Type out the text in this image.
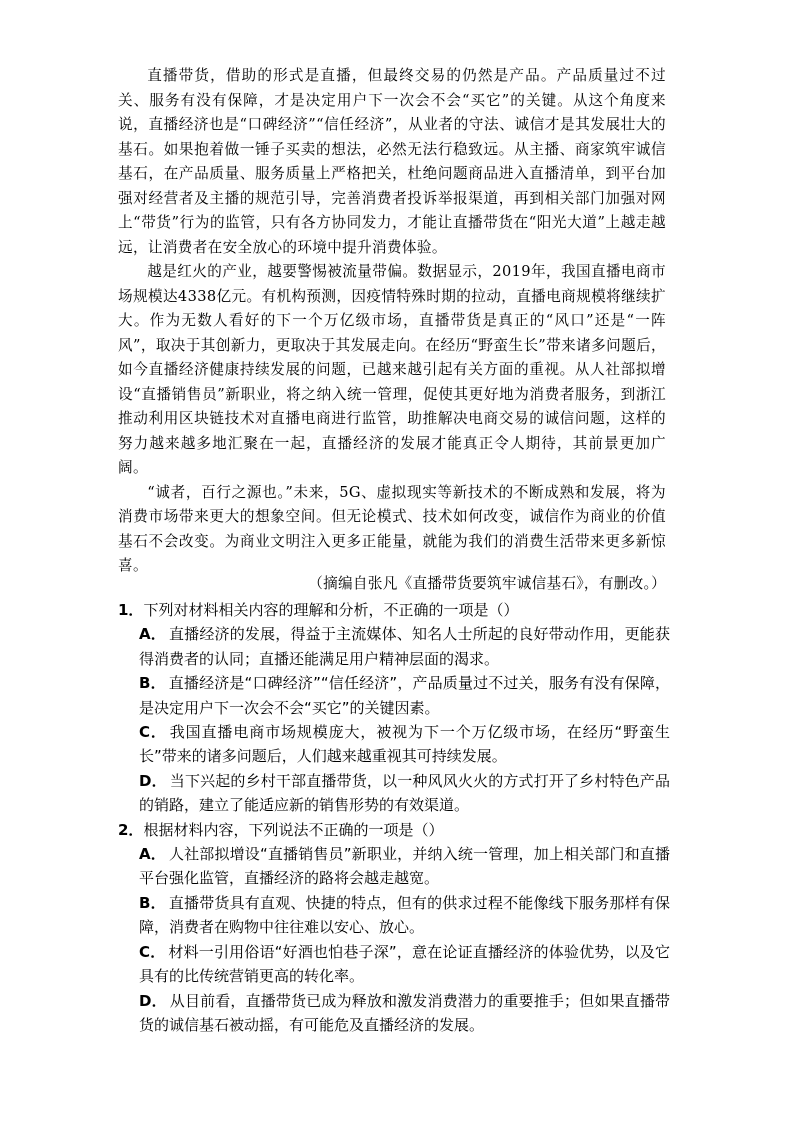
直播带货，借助的形式是直播，但最终交易的仍然是产品。产品质量过不过关、服务有没有保障，才是决定用户下一次会不会“买它”的关键。从这个角度来说，直播经济也是“口碑经济”“信任经济”，从业者的守法、诚信才是其发展壮大的基石。如果抱着做一锤子买卖的想法，必然无法行稳致远。从主播、商家筑牢诚信基石，在产品质量、服务质量上严格把关，杜绝问题商品进入直播清单，到平台加强对经营者及主播的规范引导，完善消费者投诉举报渠道，再到相关部门加强对网上“带货”行为的监管，只有各方协同发力，才能让直播带货在“阳光大道”上越走越远，让消费者在安全放心的环境中提升消费体验。

越是红火的产业，越要警惕被流量带偏。数据显示，2019年，我国直播电商市场规模达4338亿元。有机构预测，因疫情特殊时期的拉动，直播电商规模将继续扩大。作为无数人看好的下一个万亿级市场，直播带货是真正的“风口”还是“一阵风”，取决于其创新力，更取决于其发展走向。在经历“野蛮生长”带来诸多问题后，如今直播经济健康持续发展的问题，已越来越引起有关方面的重视。从人社部拟增设“直播销售员”新职业，将之纳入统一管理，促使其更好地为消费者服务，到浙江推动利用区块链技术对直播电商进行监管，助推解决电商交易的诚信问题，这样的努力越来越多地汇聚在一起，直播经济的发展才能真正令人期待，其前景更加广阔。

“诚者，百行之源也。”未来，5G、虚拟现实等新技术的不断成熟和发展，将为消费市场带来更大的想象空间。但无论模式、技术如何改变，诚信作为商业的价值基石不会改变。为商业文明注入更多正能量，就能为我们的消费生活带来更多新惊喜。

（摘编自张凡《直播带货要筑牢诚信基石》，有删改。）
1．下列对材料相关内容的理解和分析，不正确的一项是（）
A． 直播经济的发展，得益于主流媒体、知名人士所起的良好带动作用，更能获得消费者的认同；直播还能满足用户精神层面的渴求。
B． 直播经济是“口碑经济”“信任经济”，产品质量过不过关，服务有没有保障，是决定用户下一次会不会“买它”的关键因素。
C． 我国直播电商市场规模庞大，被视为下一个万亿级市场，在经历“野蛮生长”带来的诸多问题后，人们越来越重视其可持续发展。
D． 当下兴起的乡村干部直播带货，以一种风风火火的方式打开了乡村特色产品的销路，建立了能适应新的销售形势的有效渠道。
2．根据材料内容，下列说法不正确的一项是（）
A． 人社部拟增设“直播销售员”新职业，并纳入统一管理，加上相关部门和直播平台强化监管，直播经济的路将会越走越宽。
B． 直播带货具有直观、快捷的特点，但有的供求过程不能像线下服务那样有保障，消费者在购物中往往难以安心、放心。
C． 材料一引用俗语“好酒也怕巷子深”，意在论证直播经济的体验优势，以及它具有的比传统营销更高的转化率。
D． 从目前看，直播带货已成为释放和激发消费潜力的重要推手；但如果直播带货的诚信基石被动摇，有可能危及直播经济的发展。
